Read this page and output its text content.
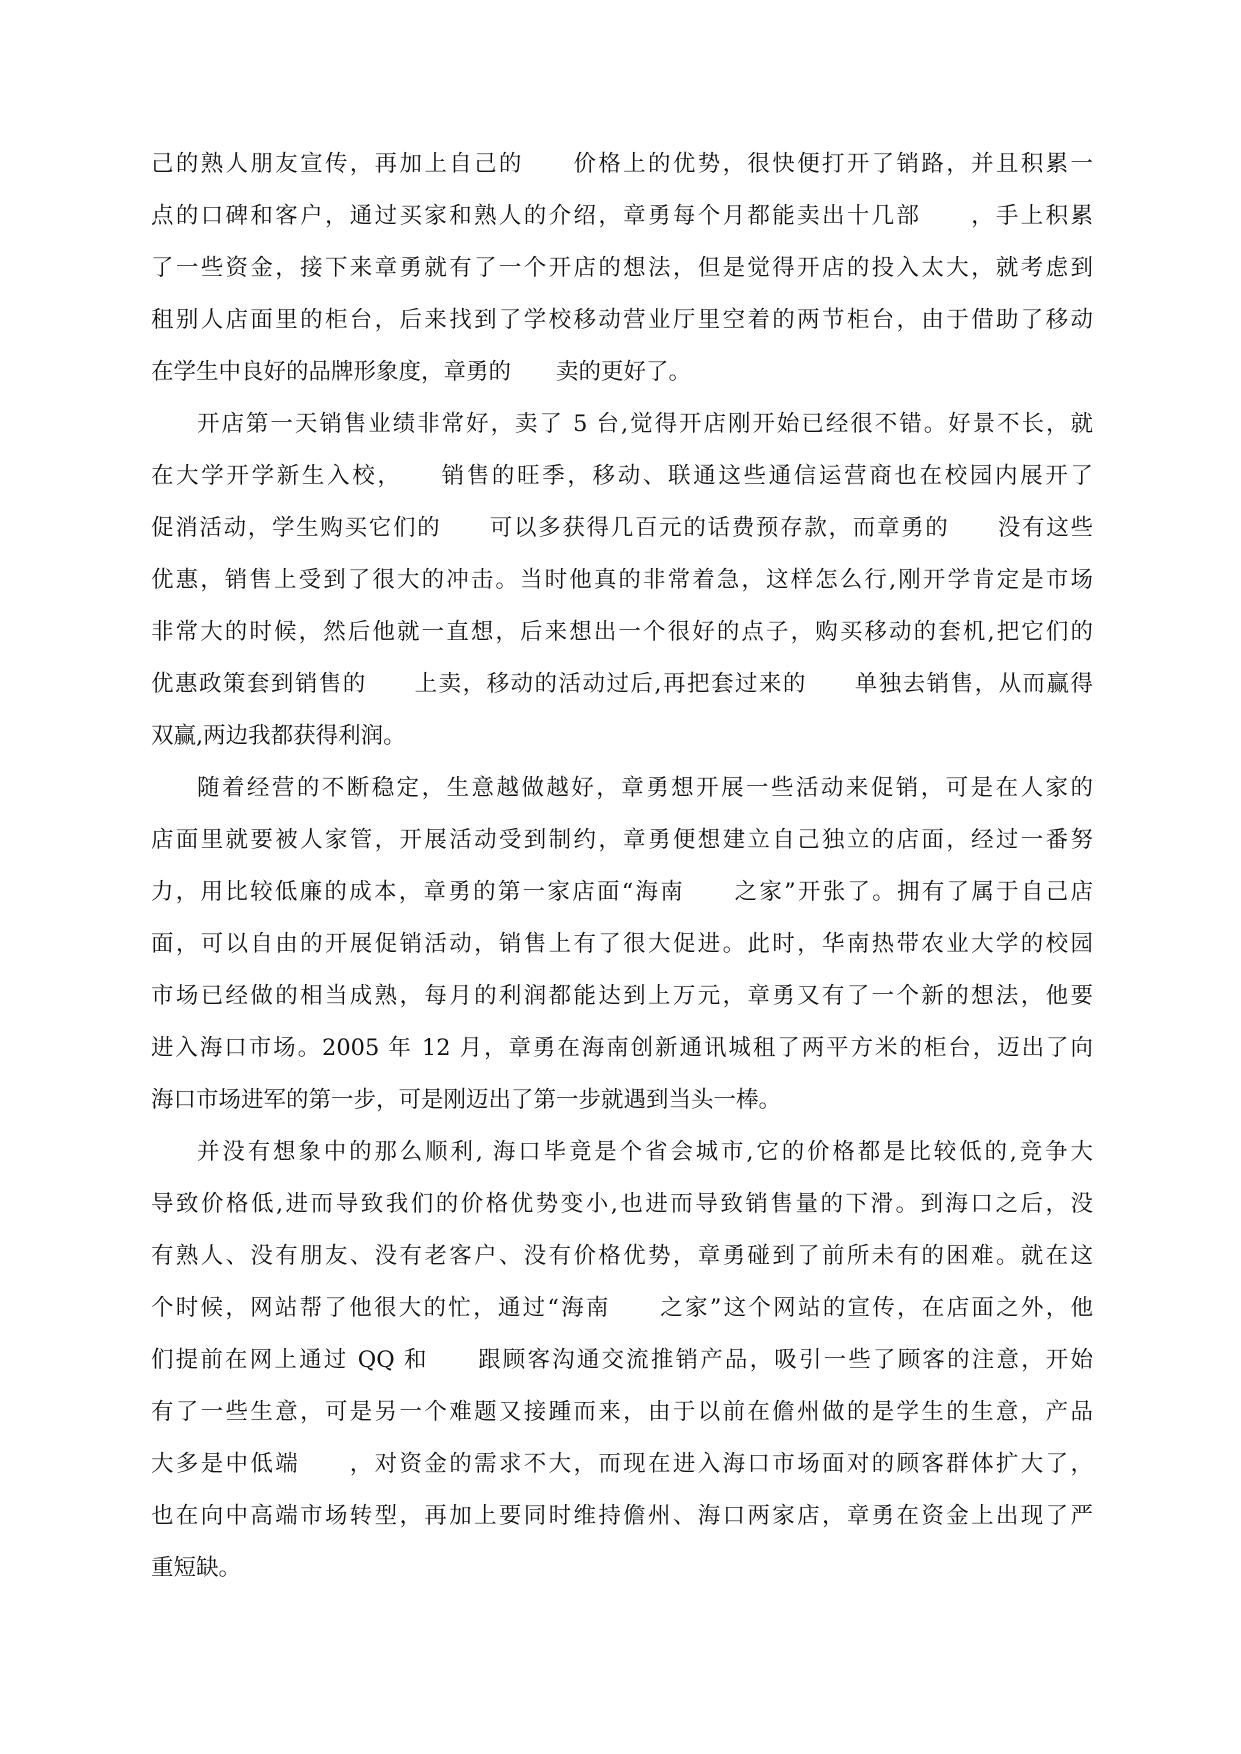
己的熟人朋友宣传，再加上自己的　　价格上的优势，很快便打开了销路，并且积累一
点的口碑和客户，通过买家和熟人的介绍，章勇每个月都能卖出十几部　　，手上积累
了一些资金，接下来章勇就有了一个开店的想法，但是觉得开店的投入太大，就考虑到
租别人店面里的柜台，后来找到了学校移动营业厅里空着的两节柜台，由于借助了移动
在学生中良好的品牌形象度，章勇的　　卖的更好了。
开店第一天销售业绩非常好，卖了 5 台,觉得开店刚开始已经很不错。好景不长，就
在大学开学新生入校，　　销售的旺季，移动、联通这些通信运营商也在校园内展开了
促消活动，学生购买它们的　　可以多获得几百元的话费预存款，而章勇的　　没有这些
优惠，销售上受到了很大的冲击。当时他真的非常着急，这样怎么行,刚开学肯定是市场
非常大的时候，然后他就一直想，后来想出一个很好的点子，购买移动的套机,把它们的
优惠政策套到销售的　　上卖，移动的活动过后,再把套过来的　　单独去销售，从而赢得
双赢,两边我都获得利润。
随着经营的不断稳定，生意越做越好，章勇想开展一些活动来促销，可是在人家的
店面里就要被人家管，开展活动受到制约，章勇便想建立自己独立的店面，经过一番努
力，用比较低廉的成本，章勇的第一家店面“海南　　之家”开张了。拥有了属于自己店
面，可以自由的开展促销活动，销售上有了很大促进。此时，华南热带农业大学的校园
市场已经做的相当成熟，每月的利润都能达到上万元，章勇又有了一个新的想法，他要
进入海口市场。2005 年 12 月，章勇在海南创新通讯城租了两平方米的柜台，迈出了向
海口市场进军的第一步，可是刚迈出了第一步就遇到当头一棒。
并没有想象中的那么顺利, 海口毕竟是个省会城市,它的价格都是比较低的,竞争大
导致价格低,进而导致我们的价格优势变小,也进而导致销售量的下滑。到海口之后，没
有熟人、没有朋友、没有老客户、没有价格优势，章勇碰到了前所未有的困难。就在这
个时候，网站帮了他很大的忙，通过“海南　　之家”这个网站的宣传，在店面之外，他
们提前在网上通过 QQ 和　　跟顾客沟通交流推销产品，吸引一些了顾客的注意，开始
有了一些生意，可是另一个难题又接踵而来，由于以前在儋州做的是学生的生意，产品
大多是中低端　　，对资金的需求不大，而现在进入海口市场面对的顾客群体扩大了，
也在向中高端市场转型，再加上要同时维持儋州、海口两家店，章勇在资金上出现了严
重短缺。
